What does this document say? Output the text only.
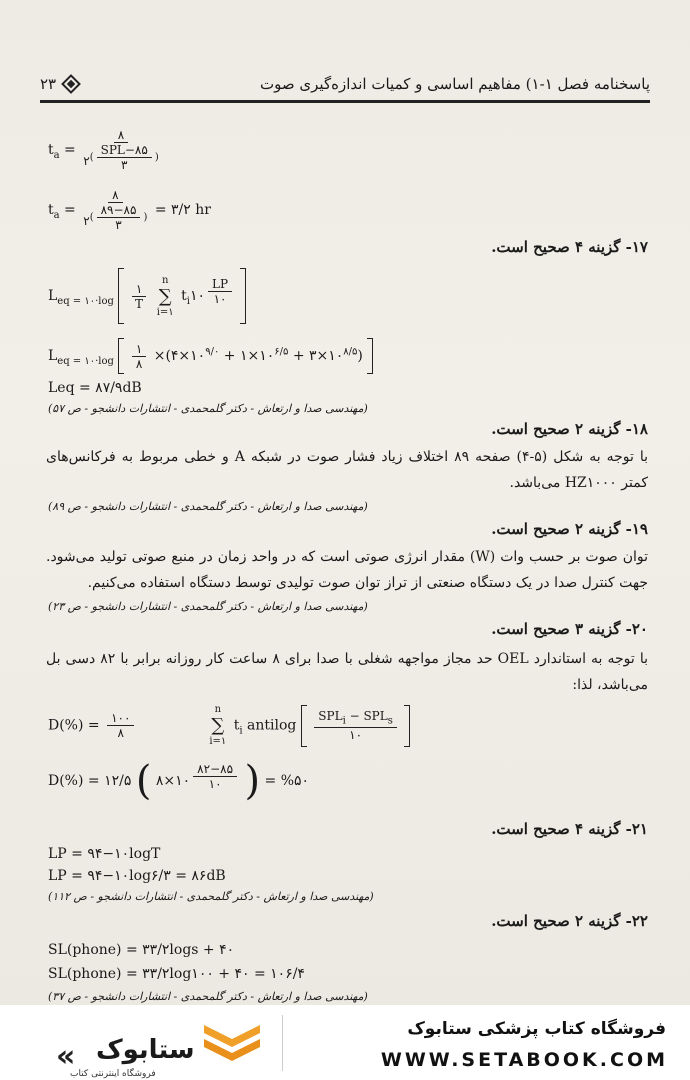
پاسخنامه فصل ۱-۱) مفاهیم اساسی و کمیات اندازه‌گیری صوت
۲۳
$t_a$ = ۸
$۲^{( \frac{\text{SPL−۸۵}}{۳} )}$
$t_a$ = ۸
$۲^{( \frac{۸۹-۸۵}{۳} )}$ = ۳/۲ hr
۱۷- گزینه ۴ صحیح است.
$L_{eq = ۱۰\cdot log} \frac{۱}{T}$

n
∑
i=۱
$t_i۱۰$ $^{\frac{LP}{۱۰}}$

$L_{eq = ۱۰\cdot log} \frac{۱}{۸}$ $\times(۴\times ۱۰^{۹/۰}$ + $۱\times ۱۰^{۶/۵}$ + $۳\times ۱۰^{۸/۵}$)
Leq = ۸۷/۹dB
(مهندسی صدا و ارتعاش - دکتر گلمحمدی - انتشارات دانشجو - ص ۵۷)
۱۸- گزینه ۲ صحیح است.
با توجه به شکل (۵-۴) صفحه ۸۹ اختلاف زیاد فشار صوت در شبکه A و خطی مربوط به فرکانس‌های کمتر HZ۱۰۰۰ می‌باشد.
(مهندسی صدا و ارتعاش - دکتر گلمحمدی - انتشارات دانشجو - ص ۸۹)
۱۹- گزینه ۲ صحیح است.
توان صوت بر حسب وات (W) مقدار انرژی صوتی است که در واحد زمان در منبع صوتی تولید می‌شود. جهت کنترل صدا در یک دستگاه صنعتی از تراز توان صوت تولیدی توسط دستگاه استفاده می‌کنیم.
(مهندسی صدا و ارتعاش - دکتر گلمحمدی - انتشارات دانشجو - ص ۲۳)
۲۰- گزینه ۳ صحیح است.
با توجه به استاندارد OEL حد مجاز مواجهه شغلی با صدا برای ۸ ساعت کار روزانه برابر با ۸۲ دسی بل می‌باشد، لذا:
$D(\%) = \frac{۱۰۰}{۸}$

n
∑
i=۱
$t_i$ antilog $\frac{SPL_i - SPL_s}{۱۰}$

D(%) = ۱۲/۵ ( ۸×۱۰ $^{\frac{۸۲-۸۵}{۱۰}}$ ) = %۵۰
۲۱- گزینه ۴ صحیح است.
LP = ۹۴−۱۰logT
LP = ۹۴−۱۰log۶/۳ = ۸۶dB
(مهندسی صدا و ارتعاش - دکتر گلمحمدی - انتشارات دانشجو - ص ۱۱۲)
۲۲- گزینه ۲ صحیح است.
SL(phone) = ۳۳/۲logs + ۴۰
SL(phone) = ۳۳/۲log۱۰۰ + ۴۰ = ۱۰۶/۴
(مهندسی صدا و ارتعاش - دکتر گلمحمدی - انتشارات دانشجو - ص ۳۷)
« ستابوک
فروشگاه اینترنتی کتاب
فروشگاه کتاب پزشکی ستابوک
WWW.SETABOOK.COM
